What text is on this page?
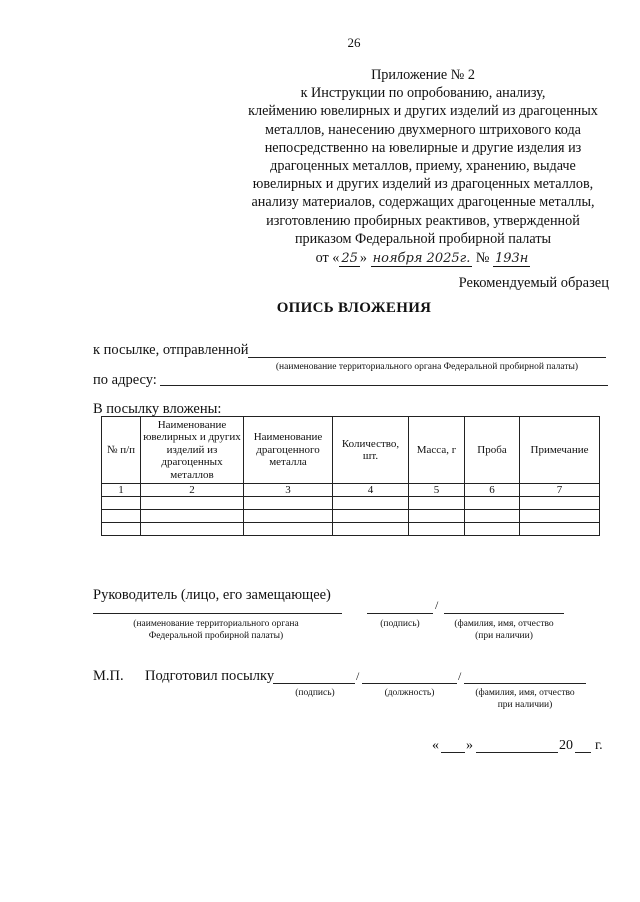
26
Приложение № 2
к Инструкции по опробованию, анализу,
клеймению ювелирных и других изделий из драгоценных
металлов, нанесению двухмерного штрихового кода
непосредственно на ювелирные и другие изделия из
драгоценных металлов, приему, хранению, выдаче
ювелирных и других изделий из драгоценных металлов,
анализу материалов, содержащих драгоценные металлы,
изготовлению пробирных реактивов, утвержденной
приказом Федеральной пробирной палаты
от « 25 » ноября 2025г. № 193н
Рекомендуемый образец
ОПИСЬ ВЛОЖЕНИЯ
к посылке, отправленной
(наименование территориального органа Федеральной пробирной палаты)
по адресу:
В посылку вложены:
№ п/п	Наименование ювелирных и других изделий из драгоценных металлов	Наименование драгоценного металла	Количество, шт.	Масса, г	Проба	Примечание
1	2	3	4	5	6	7

Руководитель (лицо, его замещающее)
/
(наименование территориального органа
Федеральной пробирной палаты)
(подпись)	(фамилия, имя, отчество
(при наличии)
М.П. Подготовил посылку	/	/
(подпись)	(должность)	(фамилия, имя, отчество
при наличии)
« »	20 г.
